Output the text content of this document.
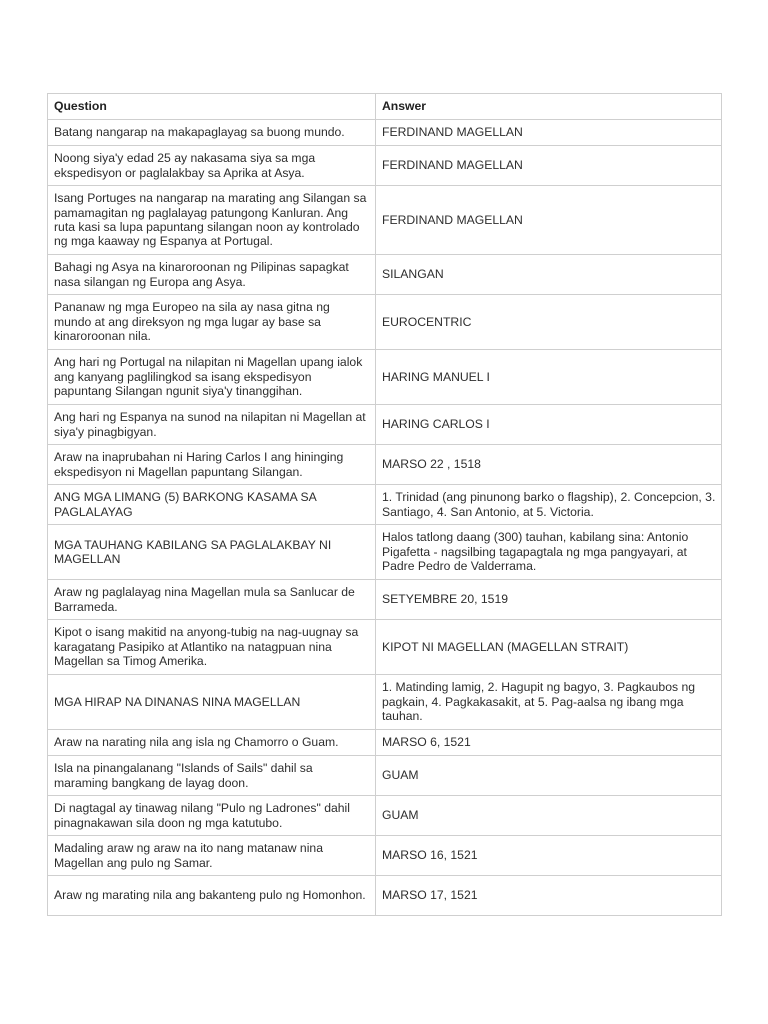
Question	Answer
Batang nangarap na makapaglayag sa buong mundo.	FERDINAND MAGELLAN
Noong siya'y edad 25 ay nakasama siya sa mga ekspedisyon or paglalakbay sa Aprika at Asya.	FERDINAND MAGELLAN
Isang Portuges na nangarap na marating ang Silangan sa pamamagitan ng paglalayag patungong Kanluran. Ang ruta kasi sa lupa papuntang silangan noon ay kontrolado ng mga kaaway ng Espanya at Portugal.	FERDINAND MAGELLAN
Bahagi ng Asya na kinaroroonan ng Pilipinas sapagkat nasa silangan ng Europa ang Asya.	SILANGAN
Pananaw ng mga Europeo na sila ay nasa gitna ng mundo at ang direksyon ng mga lugar ay base sa kinaroroonan nila.	EUROCENTRIC
Ang hari ng Portugal na nilapitan ni Magellan upang ialok ang kanyang paglilingkod sa isang ekspedisyon papuntang Silangan ngunit siya'y tinanggihan.	HARING MANUEL I
Ang hari ng Espanya na sunod na nilapitan ni Magellan at siya'y pinagbigyan.	HARING CARLOS I
Araw na inaprubahan ni Haring Carlos I ang hininging ekspedisyon ni Magellan papuntang Silangan.	MARSO 22 , 1518
ANG MGA LIMANG (5) BARKONG KASAMA SA PAGLALAYAG	1. Trinidad (ang pinunong barko o flagship), 2. Concepcion, 3. Santiago, 4. San Antonio, at 5. Victoria.
MGA TAUHANG KABILANG SA PAGLALAKBAY NI MAGELLAN	Halos tatlong daang (300) tauhan, kabilang sina: Antonio Pigafetta - nagsilbing tagapagtala ng mga pangyayari, at Padre Pedro de Valderrama.
Araw ng paglalayag nina Magellan mula sa Sanlucar de Barrameda.	SETYEMBRE 20, 1519
Kipot o isang makitid na anyong-tubig na nag-uugnay sa karagatang Pasipiko at Atlantiko na natagpuan nina Magellan sa Timog Amerika.	KIPOT NI MAGELLAN (MAGELLAN STRAIT)
MGA HIRAP NA DINANAS NINA MAGELLAN	1. Matinding lamig, 2. Hagupit ng bagyo, 3. Pagkaubos ng pagkain, 4. Pagkakasakit, at 5. Pag-aalsa ng ibang mga tauhan.
Araw na narating nila ang isla ng Chamorro o Guam.	MARSO 6, 1521
Isla na pinangalanang "Islands of Sails" dahil sa maraming bangkang de layag doon.	GUAM
Di nagtagal ay tinawag nilang "Pulo ng Ladrones" dahil pinagnakawan sila doon ng mga katutubo.	GUAM
Madaling araw ng araw na ito nang matanaw nina Magellan ang pulo ng Samar.	MARSO 16, 1521
Araw ng marating nila ang bakanteng pulo ng Homonhon.	MARSO 17, 1521
